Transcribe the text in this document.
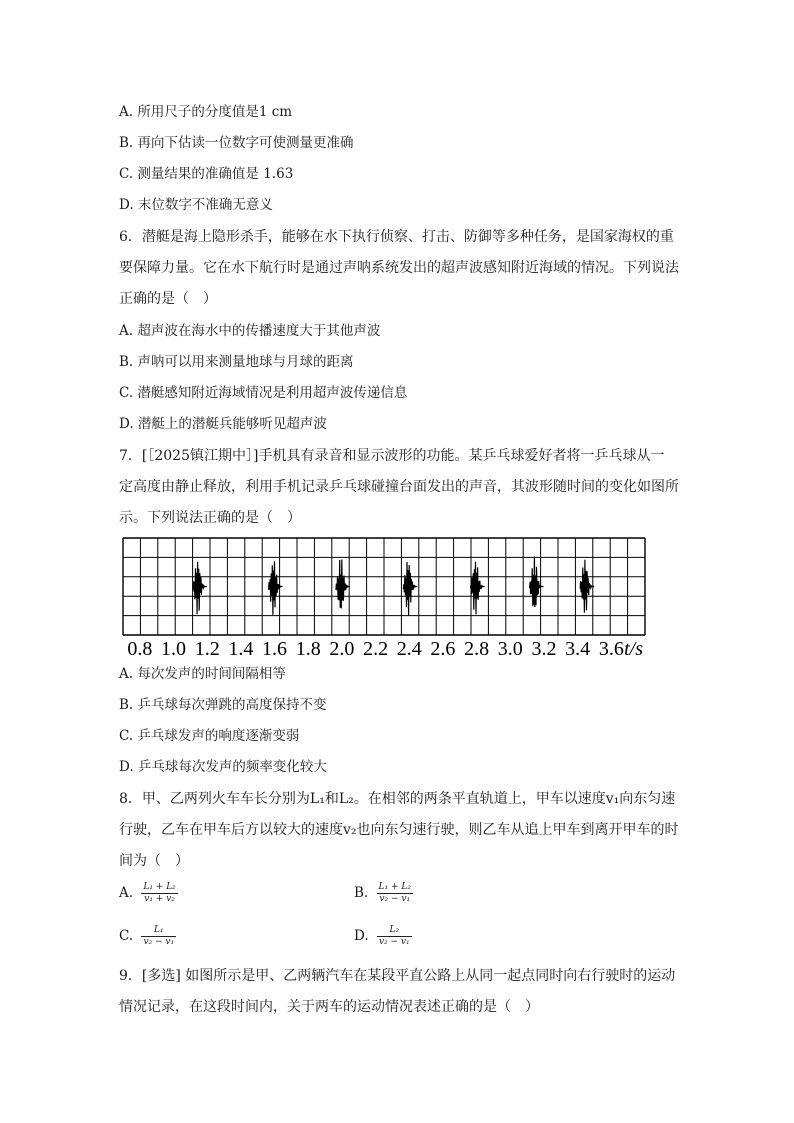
A. 所用尺子的分度值是1 cm
B. 再向下估读一位数字可使测量更准确
C. 测量结果的准确值是 1.63
D. 末位数字不准确无意义
6．潜艇是海上隐形杀手，能够在水下执行侦察、打击、防御等多种任务，是国家海权的重
要保障力量。它在水下航行时是通过声呐系统发出的超声波感知附近海域的情况。下列说法
正确的是（　）
A. 超声波在海水中的传播速度大于其他声波
B. 声呐可以用来测量地球与月球的距离
C. 潜艇感知附近海域情况是利用超声波传递信息
D. 潜艇上的潜艇兵能够听见超声波
7．[［2025镇江期中］]手机具有录音和显示波形的功能。某乒乓球爱好者将一乒乓球从一
定高度由静止释放，利用手机记录乒乓球碰撞台面发出的声音，其波形随时间的变化如图所
示。下列说法正确的是（　）
0.8 1.0 1.2 1.4 1.6 1.8 2.0 2.2 2.4 2.6 2.8 3.0 3.2 3.4 3.6 t/s
A. 每次发声的时间间隔相等
B. 乒乓球每次弹跳的高度保持不变
C. 乒乓球发声的响度逐渐变弱
D. 乒乓球每次发声的频率变化较大
8．甲、乙两列火车车长分别为L₁和L₂。在相邻的两条平直轨道上，甲车以速度v₁向东匀速
行驶，乙车在甲车后方以较大的速度v₂也向东匀速行驶，则乙车从追上甲车到离开甲车的时
间为（　）
A. $\frac{\text{L₁ + L₂}}{\text{v₁ + v₂}}$	B. $\frac{\text{L₁ + L₂}}{\text{v₂ − v₁}}$
C. $\frac{\text{L₁}}{\text{v₂ − v₁}}$	D. $\frac{\text{L₂}}{\text{v₂ − v₁}}$
9．[多选] 如图所示是甲、乙两辆汽车在某段平直公路上从同一起点同时向右行驶时的运动
情况记录，在这段时间内，关于两车的运动情况表述正确的是（　）
